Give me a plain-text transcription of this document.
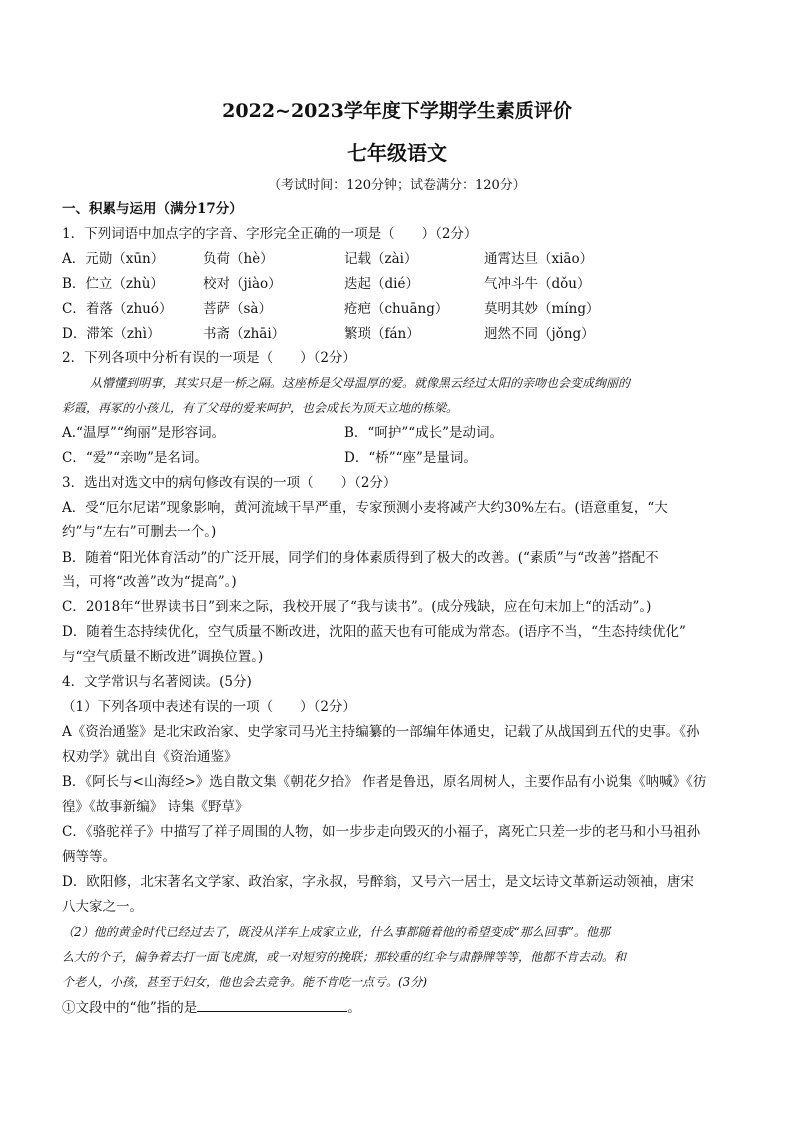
2022~2023学年度下学期学生素质评价
七年级语文
（考试时间：120分钟；试卷满分：120分）
一、积累与运用（满分17分）
1．下列词语中加点字的字音、字形完全正确的一项是（　　）（2分）
A．元勋（xūn）	负荷（hè）	记载（zài）	通霄达旦（xiāo）
B．伫立（zhù）	校对（jiào）	迭起（dié）	气冲斗牛（dǒu）
C．着落（zhuó） 菩萨（sà）	疮疤（chuāng）	莫明其妙（míng）
D．滞笨（zhì）	书斋（zhāi）	繁琐（fán）	迥然不同（jǒng）
2．下列各项中分析有误的一项是（　　）（2分）
从懵懂到明事，其实只是一桥之隔。这座桥是父母温厚的爱。就像黑云经过太阳的亲吻也会变成绚丽的
彩霞，再冢的小孩儿，有了父母的爱来呵护，也会成长为顶天立地的栋梁。
A.“温厚”“绚丽”是形容词。	B．“呵护”“成长”是动词。
C．“爱”“亲吻”是名词。	D．“桥”“座”是量词。
3．选出对选文中的病句修改有误的一项（　　）（2分）
A．受“厄尔尼诺”现象影响，黄河流域干旱严重，专家预测小麦将减产大约30%左右。(语意重复，“大
约”与“左右”可删去一个。)
B．随着“阳光体育活动”的广泛开展，同学们的身体素质得到了极大的改善。(“素质”与“改善”搭配不
当，可将“改善”改为“提高”。)
C．2018年“世界读书日”到来之际，我校开展了“我与读书”。(成分残缺，应在句末加上“的活动”。)
D．随着生态持续优化，空气质量不断改进，沈阳的蓝天也有可能成为常态。(语序不当，“生态持续优化”
与“空气质量不断改进”调换位置。)
4．文学常识与名著阅读。(5分)
（1）下列各项中表述有误的一项（　　）（2分）
A《资治通鉴》是北宋政治家、史学家司马光主持编纂的一部编年体通史，记载了从战国到五代的史事。《孙
权劝学》就出自《资治通鉴》
B．《阿长与<山海经>》选自散文集《朝花夕拾》 作者是鲁迅，原名周树人，主要作品有小说集《呐喊》《彷
徨》《故事新编》 诗集《野草》
C．《骆驼祥子》中描写了祥子周围的人物，如一步步走向毁灭的小福子，离死亡只差一步的老马和小马祖孙
俩等等。
D．欧阳修，北宋著名文学家、政治家，字永叔，号醉翁，又号六一居士，是文坛诗文革新运动领袖，唐宋
八大家之一。
（2）他的黄金时代已经过去了，既没从洋车上成家立业，什么事都随着他的希望变成“那么回事”。他那
么大的个子，偏争着去打一面飞虎旗，或一对短穷的挽联；那较重的红伞与肃静牌等等，他都不肯去动。和
个老人，小孩，甚至于妇女，他也会去竞争。能不肯吃一点亏。(3分)
①文段中的“他”指的是	。
